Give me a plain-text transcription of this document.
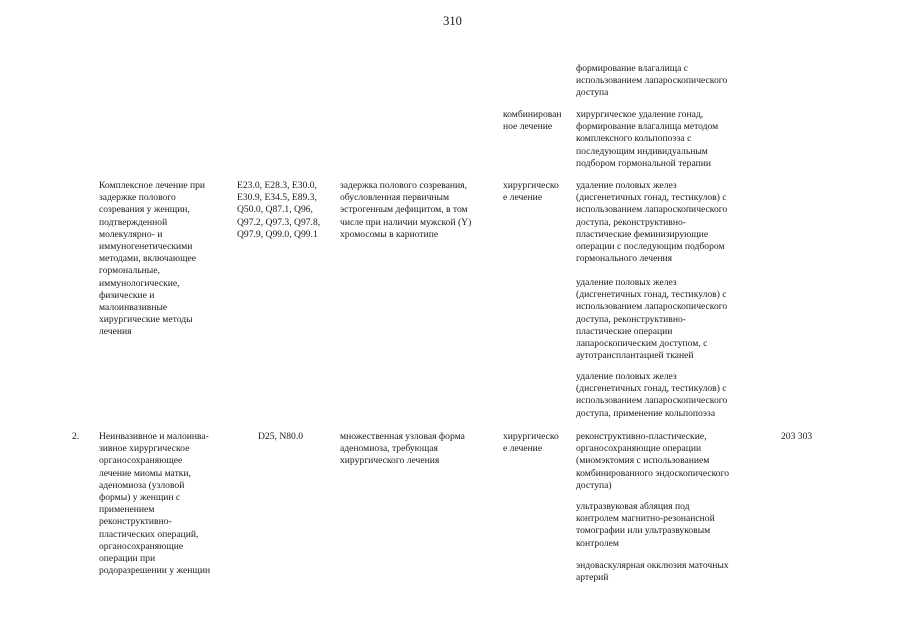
310
формирование влагалища с
использованием лапароскопического
доступа
комбинирован
ное лечение
хирургическое удаление гонад,
формирование влагалища методом
комплексного кольпопоэза с
последующим индивидуальным
подбором гормональной терапии
Комплексное лечение при
задержке полового
созревания у женщин,
подтвержденной
молекулярно- и
иммуногенетическими
методами, включающее
гормональные,
иммунологические,
физические и
малоинвазивные
хирургические методы
лечения
E23.0, E28.3, E30.0,
E30.9, E34.5, E89.3,
Q50.0, Q87.1, Q96,
Q97.2, Q97.3, Q97.8,
Q97.9, Q99.0, Q99.1
задержка полового созревания,
обусловленная первичным
эстрогенным дефицитом, в том
числе при наличии мужской (Y)
хромосомы в кариотипе
хирургическо
е лечение
удаление половых желез
(дисгенетичных гонад, тестикулов) с
использованием лапароскопического
доступа, реконструктивно-
пластические феминизирующие
операции с последующим подбором
гормонального лечения
удаление половых желез
(дисгенетичных гонад, тестикулов) с
использованием лапароскопического
доступа, реконструктивно-
пластические операции
лапароскопическим доступом, с
аутотрансплантацией тканей
удаление половых желез
(дисгенетичных гонад, тестикулов) с
использованием лапароскопического
доступа, применение кольпопоэза
2. Неинвазивное и малоинва-
зивное хирургическое
органосохраняющее
лечение миомы матки,
аденомиоза (узловой
формы) у женщин с
применением
реконструктивно-
пластических операций,
органосохраняющие
операции при
родоразрешении у женщин
D25, N80.0	множественная узловая форма
аденомиоза, требующая
хирургического лечения
хирургическо
е лечение
реконструктивно-пластические,
органосохраняющие операции
(миомэктомия с использованием
комбинированного эндоскопического
доступа)
ультразвуковая абляция под
контролем магнитно-резонансной
томографии или ультразвуковым
контролем
эндоваскулярная окклюзия маточных
артерий
203 303
